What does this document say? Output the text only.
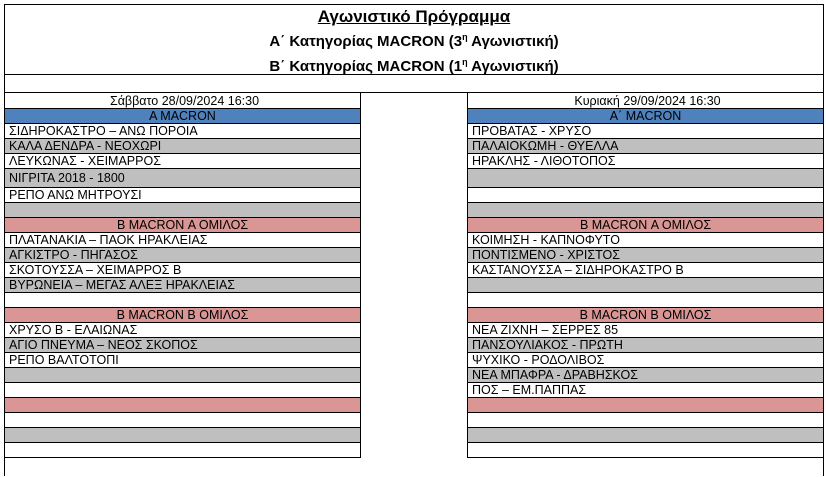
Αγωνιστικό Πρόγραμμα
Α΄ Κατηγορίας MACRON ($3^\eta$ Αγωνιστική)
Β΄ Κατηγορίας MACRON ($1^\eta$ Αγωνιστική)
Σάββατο 28/09/2024 16:30
Α MACRON
ΣΙΔΗΡΟΚΑΣΤΡΟ – ΑΝΩ ΠΟΡΟΙΑ
ΚΑΛΑ ΔΕΝΔΡΑ - ΝΕΟΧΩΡΙ
ΛΕΥΚΩΝΑΣ - ΧΕΙΜΑΡΡΟΣ
ΝΙΓΡΙΤΑ 2018 - 1800
ΡΕΠΟ ΑΝΩ ΜΗΤΡΟΥΣΙ
Β MACRON Α ΟΜΙΛΟΣ
ΠΛΑΤΑΝΑΚΙΑ – ΠΑΟΚ ΗΡΑΚΛΕΙΑΣ
ΑΓΚΙΣΤΡΟ - ΠΗΓΑΣΟΣ
ΣΚΟΤΟΥΣΣΑ – ΧΕΙΜΑΡΡΟΣ Β
ΒΥΡΩΝΕΙΑ – ΜΕΓΑΣ ΑΛΕΞ ΗΡΑΚΛΕΙΑΣ
Β MACRON Β ΟΜΙΛΟΣ
ΧΡΥΣΟ Β - ΕΛΑΙΩΝΑΣ
ΑΓΙΟ ΠΝΕΥΜΑ – ΝΕΟΣ ΣΚΟΠΟΣ
ΡΕΠΟ ΒΑΛΤΟΤΟΠΙ
Κυριακή 29/09/2024 16:30
Α΄ MACRON
ΠΡΟΒΑΤΑΣ - ΧΡΥΣΟ
ΠΑΛΑΙΟΚΩΜΗ - ΘΥΕΛΛΑ
ΗΡΑΚΛΗΣ - ΛΙΘΟΤΟΠΟΣ
Β MACRON Α ΟΜΙΛΟΣ
ΚΟΙΜΗΣΗ - ΚΑΠΝΟΦΥΤΟ
ΠΟΝΤΙΣΜΕΝΟ - ΧΡΙΣΤΟΣ
ΚΑΣΤΑΝΟΥΣΣΑ – ΣΙΔΗΡΟΚΑΣΤΡΟ Β
Β MACRON Β ΟΜΙΛΟΣ
ΝΕΑ ΖΙΧΝΗ – ΣΕΡΡΕΣ 85
ΠΑΝΣΟΥΛΙΑΚΟΣ - ΠΡΩΤΗ
ΨΥΧΙΚΟ - ΡΟΔΟΛΙΒΟΣ
ΝΕΑ ΜΠΑΦΡΑ - ΔΡΑΒΗΣΚΟΣ
ΠΟΣ – ΕΜ.ΠΑΠΠΑΣ
